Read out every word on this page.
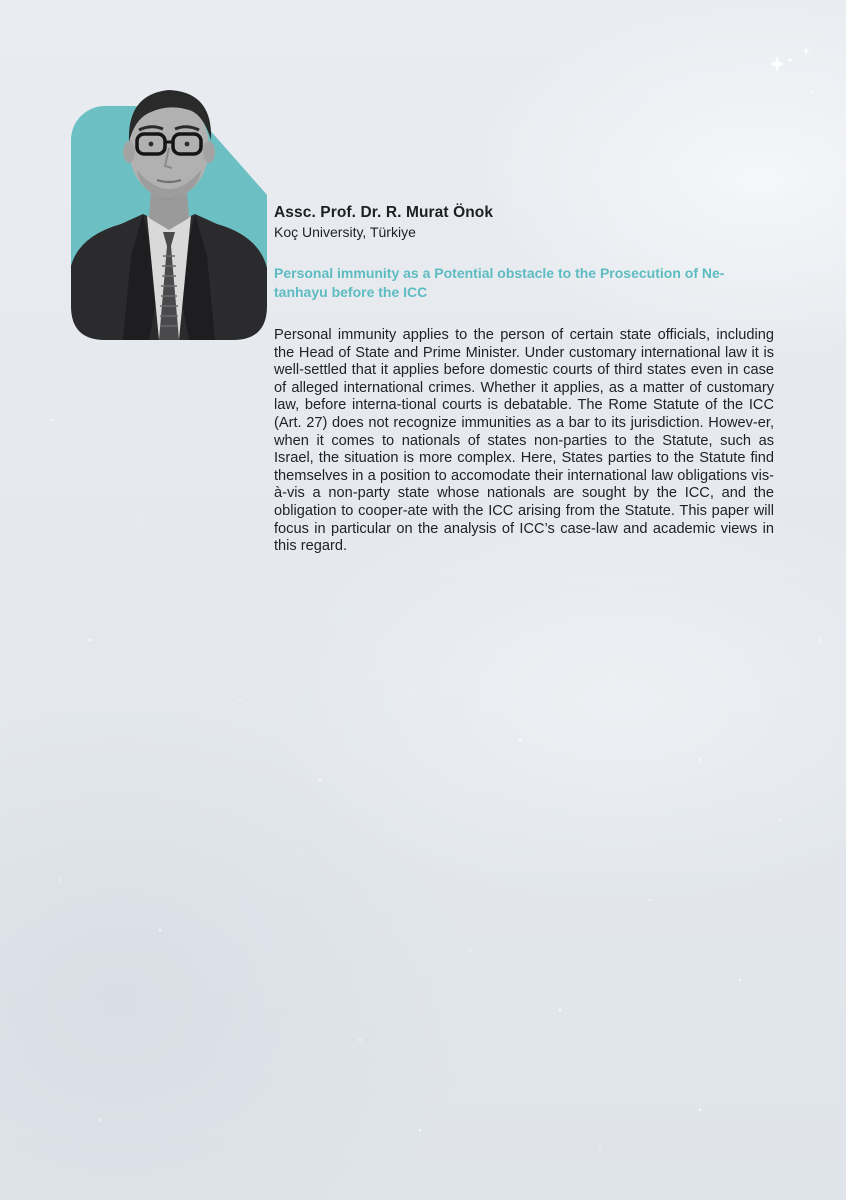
Assc. Prof. Dr. R. Murat Önok

Koç University, Türkiye

Personal immunity as a Potential obstacle to the Prosecution of Ne-tanhayu before the ICC

Personal immunity applies to the person of certain state officials, including the Head of State and Prime Minister. Under customary international law it is well-settled that it applies before domestic courts of third states even in case of alleged international crimes. Whether it applies, as a matter of customary law, before interna-tional courts is debatable. The Rome Statute of the ICC (Art. 27) does not recognize immunities as a bar to its jurisdiction. Howev-er, when it comes to nationals of states non-parties to the Statute, such as Israel, the situation is more complex. Here, States parties to the Statute find themselves in a position to accomodate their international law obligations vis-à-vis a non-party state whose nationals are sought by the ICC, and the obligation to cooper-ate with the ICC arising from the Statute. This paper will focus in particular on the analysis of ICC’s case-law and academic views in this regard.
